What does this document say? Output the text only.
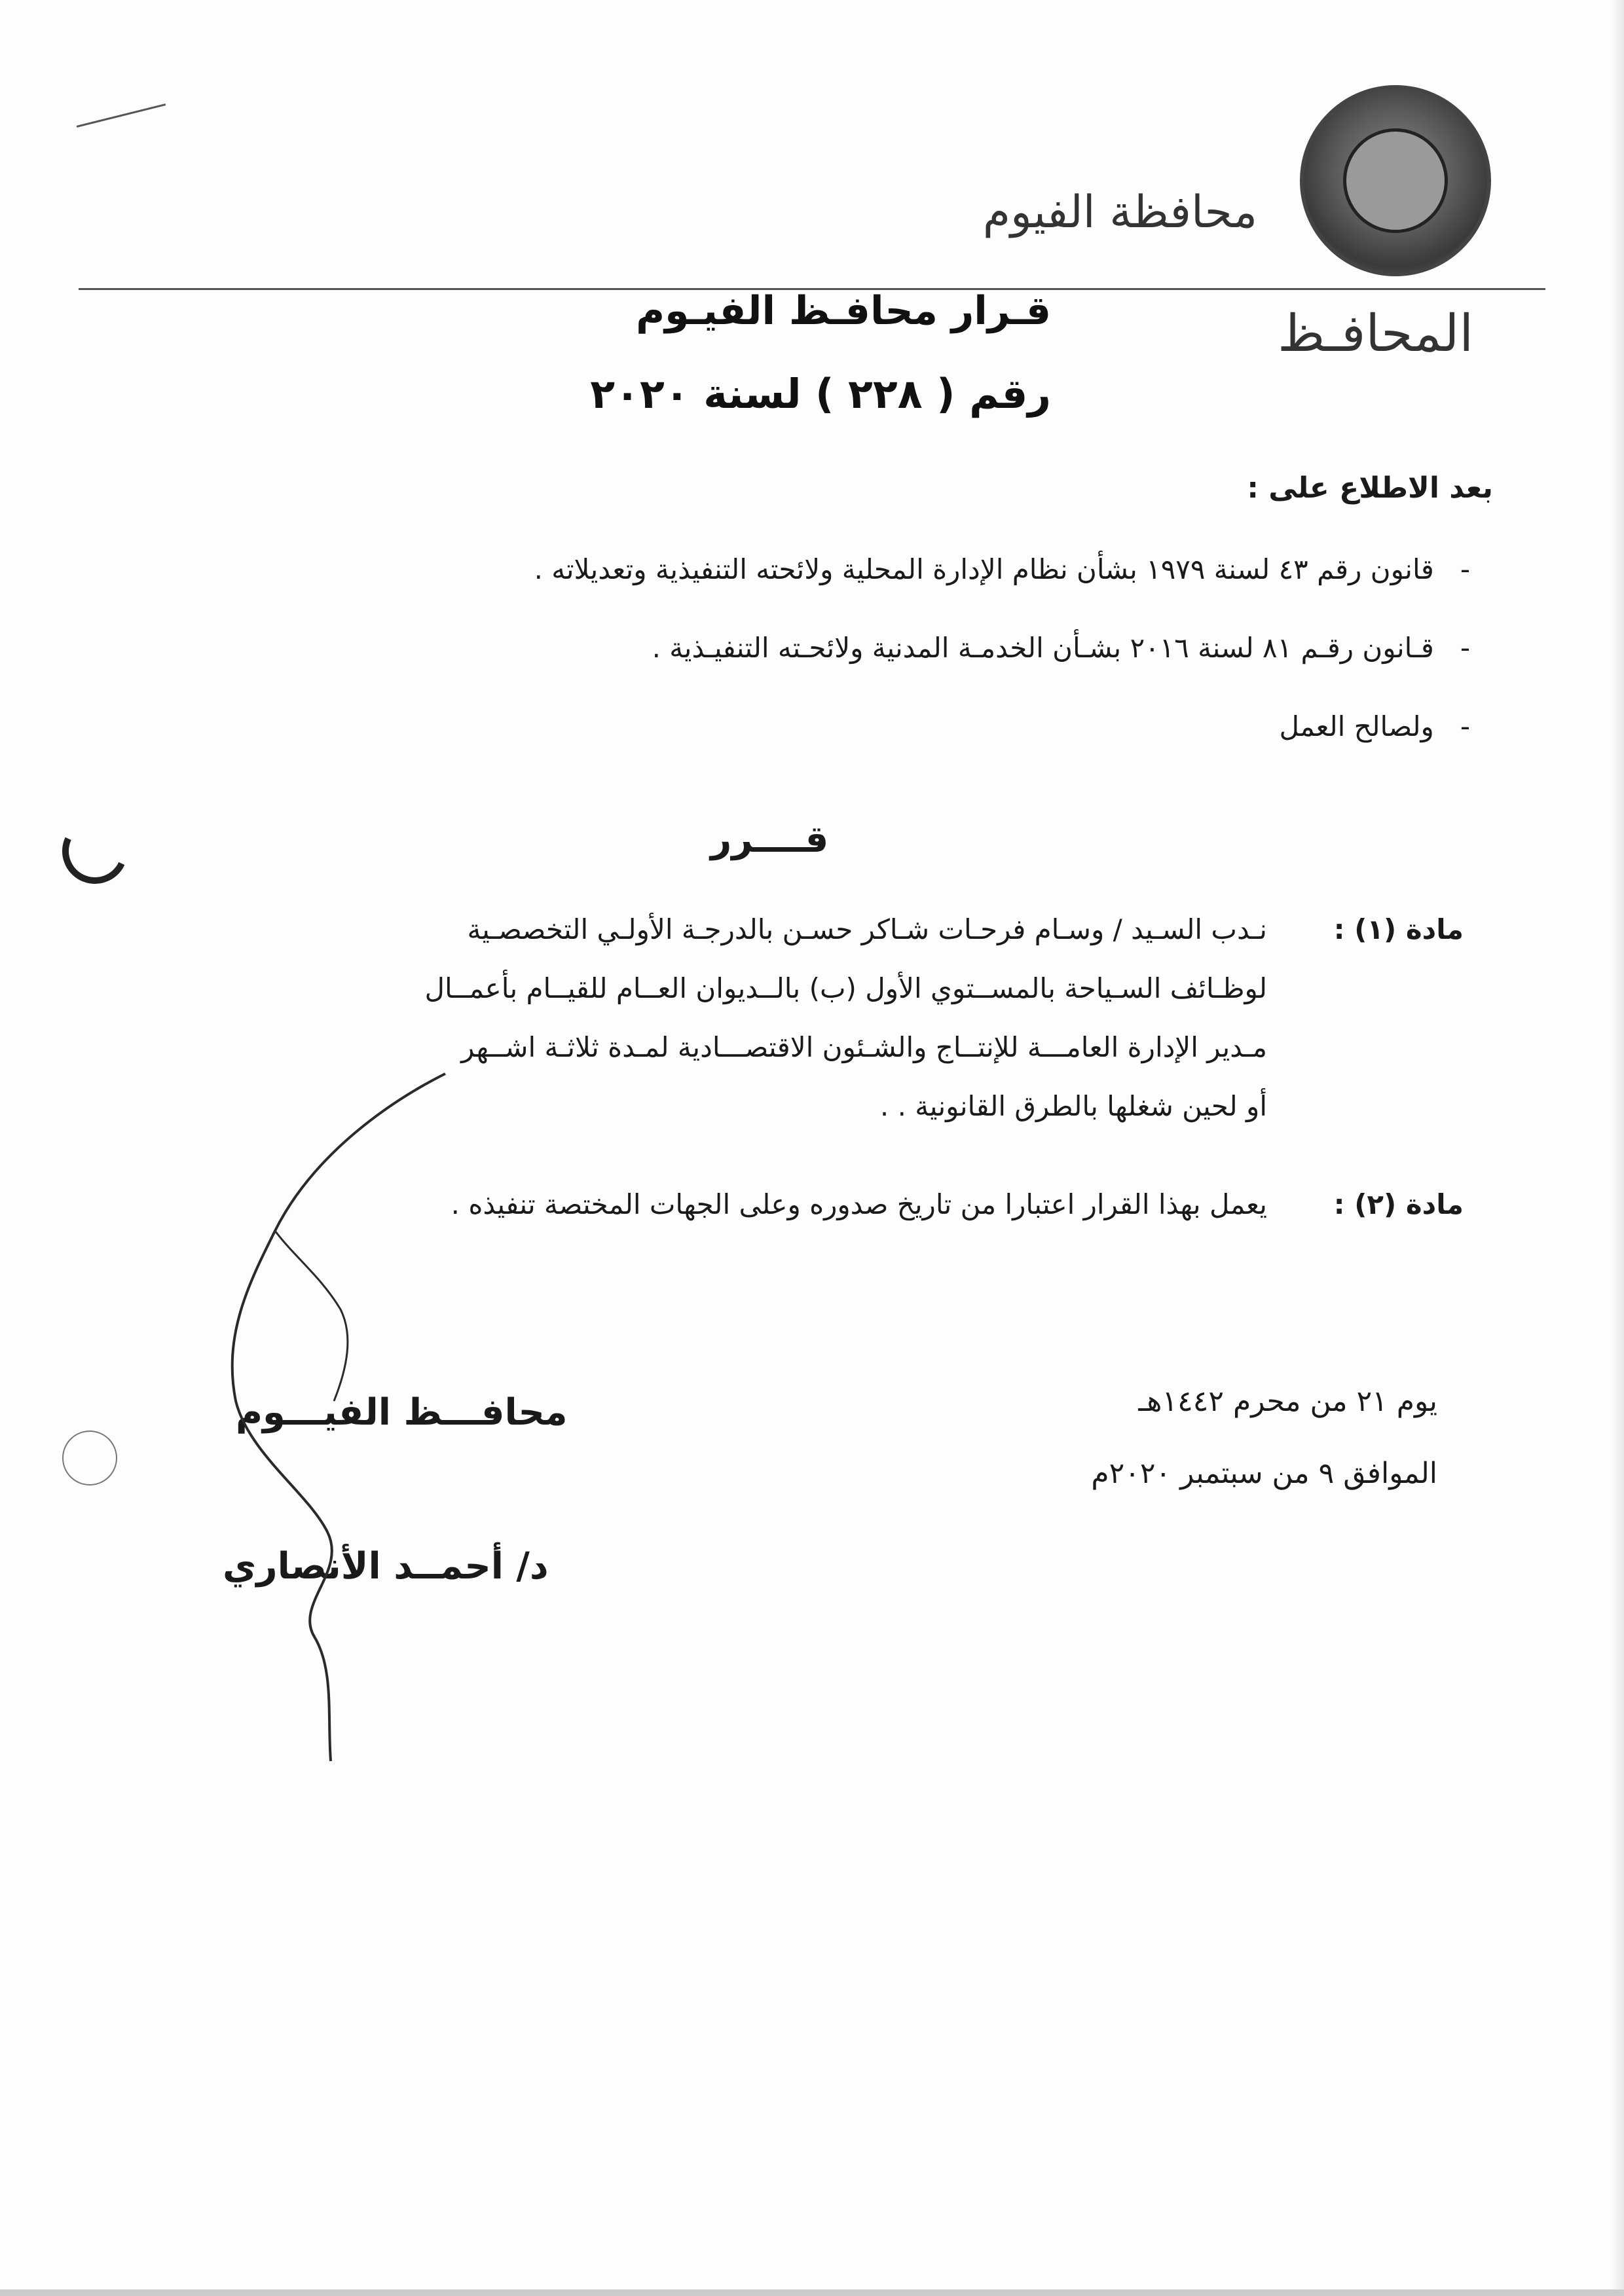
محافظة الفيوم
قـرار محافـظ الفيـوم
رقم ( ٢٢٨ ) لسنة ٢٠٢٠
المحافـظ
بعد الاطلاع على :
-قانون رقم ٤٣ لسنة ١٩٧٩ بشأن نظام الإدارة المحلية ولائحته التنفيذية وتعديلاته .
-قـانون رقـم ٨١ لسنة ٢٠١٦ بشـأن الخدمـة المدنية ولائحـته التنفيـذية .
-ولصالح العمل
قــــرر
مادة (١) :
نـدب السـيد / وسـام فرحـات شـاكر حسـن بالدرجـة الأولـي التخصصـية
لوظـائف السـياحة بالمســتوي الأول (ب) بالــديوان العــام للقيــام بأعمــال
مـدير الإدارة العامـــة للإنتــاج والشـئون الاقتصـــادية لمـدة ثلاثـة اشــهر
أو لحين شغلها بالطرق القانونية . .
مادة (٢) :
يعمل بهذا القرار اعتبارا من تاريخ صدوره وعلى الجهات المختصة تنفيذه .
محافـــظ الفيـــوم
د/ أحمــد الأنصاري
يوم ٢١ من محرم ١٤٤٢هـ
الموافق ٩ من سبتمبر ٢٠٢٠م
